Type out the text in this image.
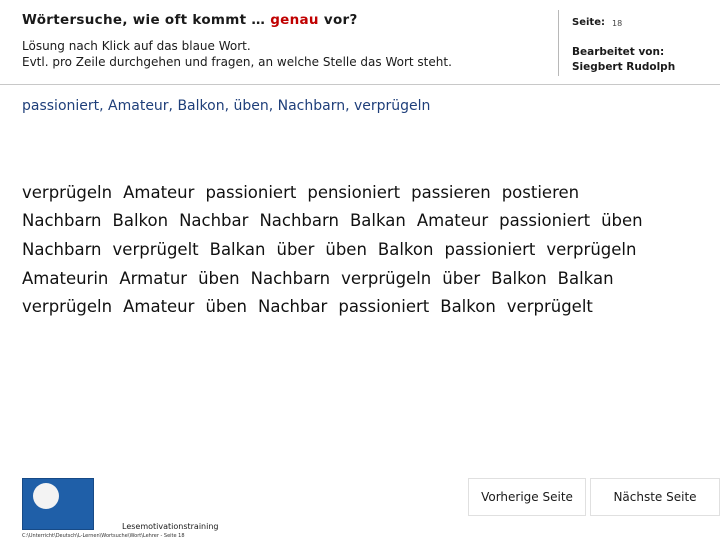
Wörtersuche, wie oft kommt … genau vor?
Lösung nach Klick auf das blaue Wort.
Evtl. pro Zeile durchgehen und fragen, an welche Stelle das Wort steht.
Seite: 18
Bearbeitet von:
Siegbert Rudolph
passioniert, Amateur, Balkon, üben, Nachbarn, verprügeln
verprügeln Amateur passioniert pensioniert passieren postieren
Nachbarn Balkon Nachbar Nachbarn Balkan Amateur passioniert üben
Nachbarn verprügelt Balkan über üben Balkon passioniert verprügeln
Amateurin Armatur üben Nachbarn verprügeln über Balkon Balkan
verprügeln Amateur üben Nachbar passioniert Balkon verprügelt
Lesemotivationstraining
C:\Unterricht\Deutsch\L-Lernen\Wortsuche\Wort\Lehrer - Seite 18
Vorherige Seite	Nächste Seite
